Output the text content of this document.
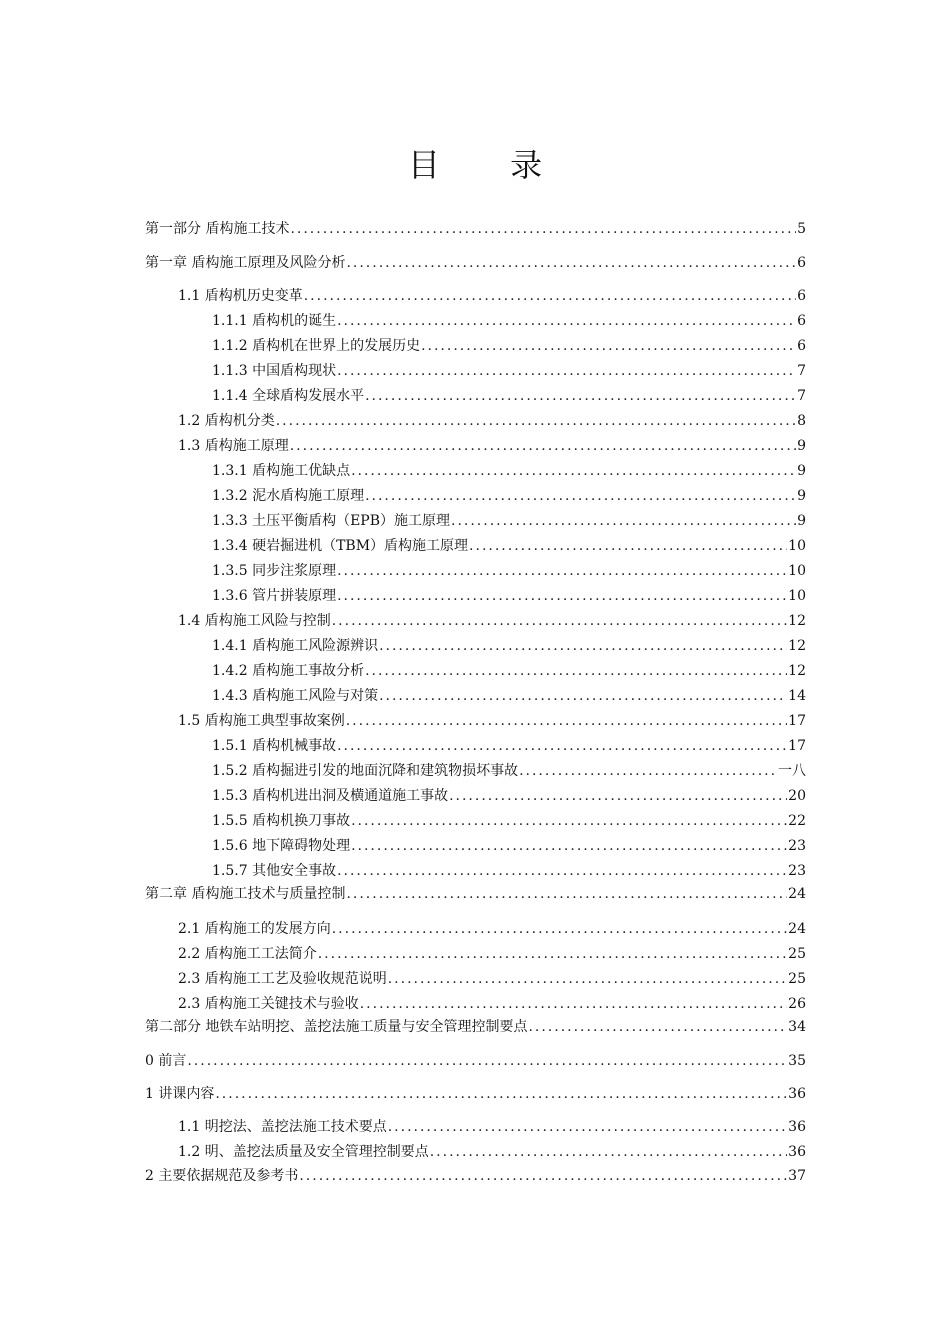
目 录
第一部分 盾构施工技术 .....	5
第一章 盾构施工原理及风险分析 .....	6
1.1 盾构机历史变革 .....	6
1.1.1 盾构机的诞生 .....	6
1.1.2 盾构机在世界上的发展历史 .....	6
1.1.3 中国盾构现状 .....	7
1.1.4 全球盾构发展水平 .....	7
1.2 盾构机分类 .....	8
1.3 盾构施工原理 .....	9
1.3.1 盾构施工优缺点 .....	9
1.3.2 泥水盾构施工原理 .....	9
1.3.3 土压平衡盾构（EPB）施工原理 .....	9
1.3.4 硬岩掘进机（TBM）盾构施工原理 .....	10
1.3.5 同步注浆原理 .....	10
1.3.6 管片拼装原理 .....	10
1.4 盾构施工风险与控制 .....	12
1.4.1 盾构施工风险源辨识 .....	12
1.4.2 盾构施工事故分析 .....	12
1.4.3 盾构施工风险与对策 .....	14
1.5 盾构施工典型事故案例 .....	17
1.5.1 盾构机械事故 .....	17
1.5.2 盾构掘进引发的地面沉降和建筑物损坏事故 .....	一八
1.5.3 盾构机进出洞及横通道施工事故 .....	20
1.5.5 盾构机换刀事故 .....	22
1.5.6 地下障碍物处理 .....	23
1.5.7 其他安全事故 .....	23
第二章 盾构施工技术与质量控制 .....	24
2.1 盾构施工的发展方向 .....	24
2.2 盾构施工工法简介 .....	25
2.3 盾构施工工艺及验收规范说明 .....	25
2.3 盾构施工关键技术与验收 .....	26
第二部分 地铁车站明挖、盖挖法施工质量与安全管理控制要点 .....	34
0 前言 .....	35
1 讲课内容 .....	36
1.1 明挖法、盖挖法施工技术要点 .....	36
1.2 明、盖挖法质量及安全管理控制要点 .....	36
2 主要依据规范及参考书 .....	37
